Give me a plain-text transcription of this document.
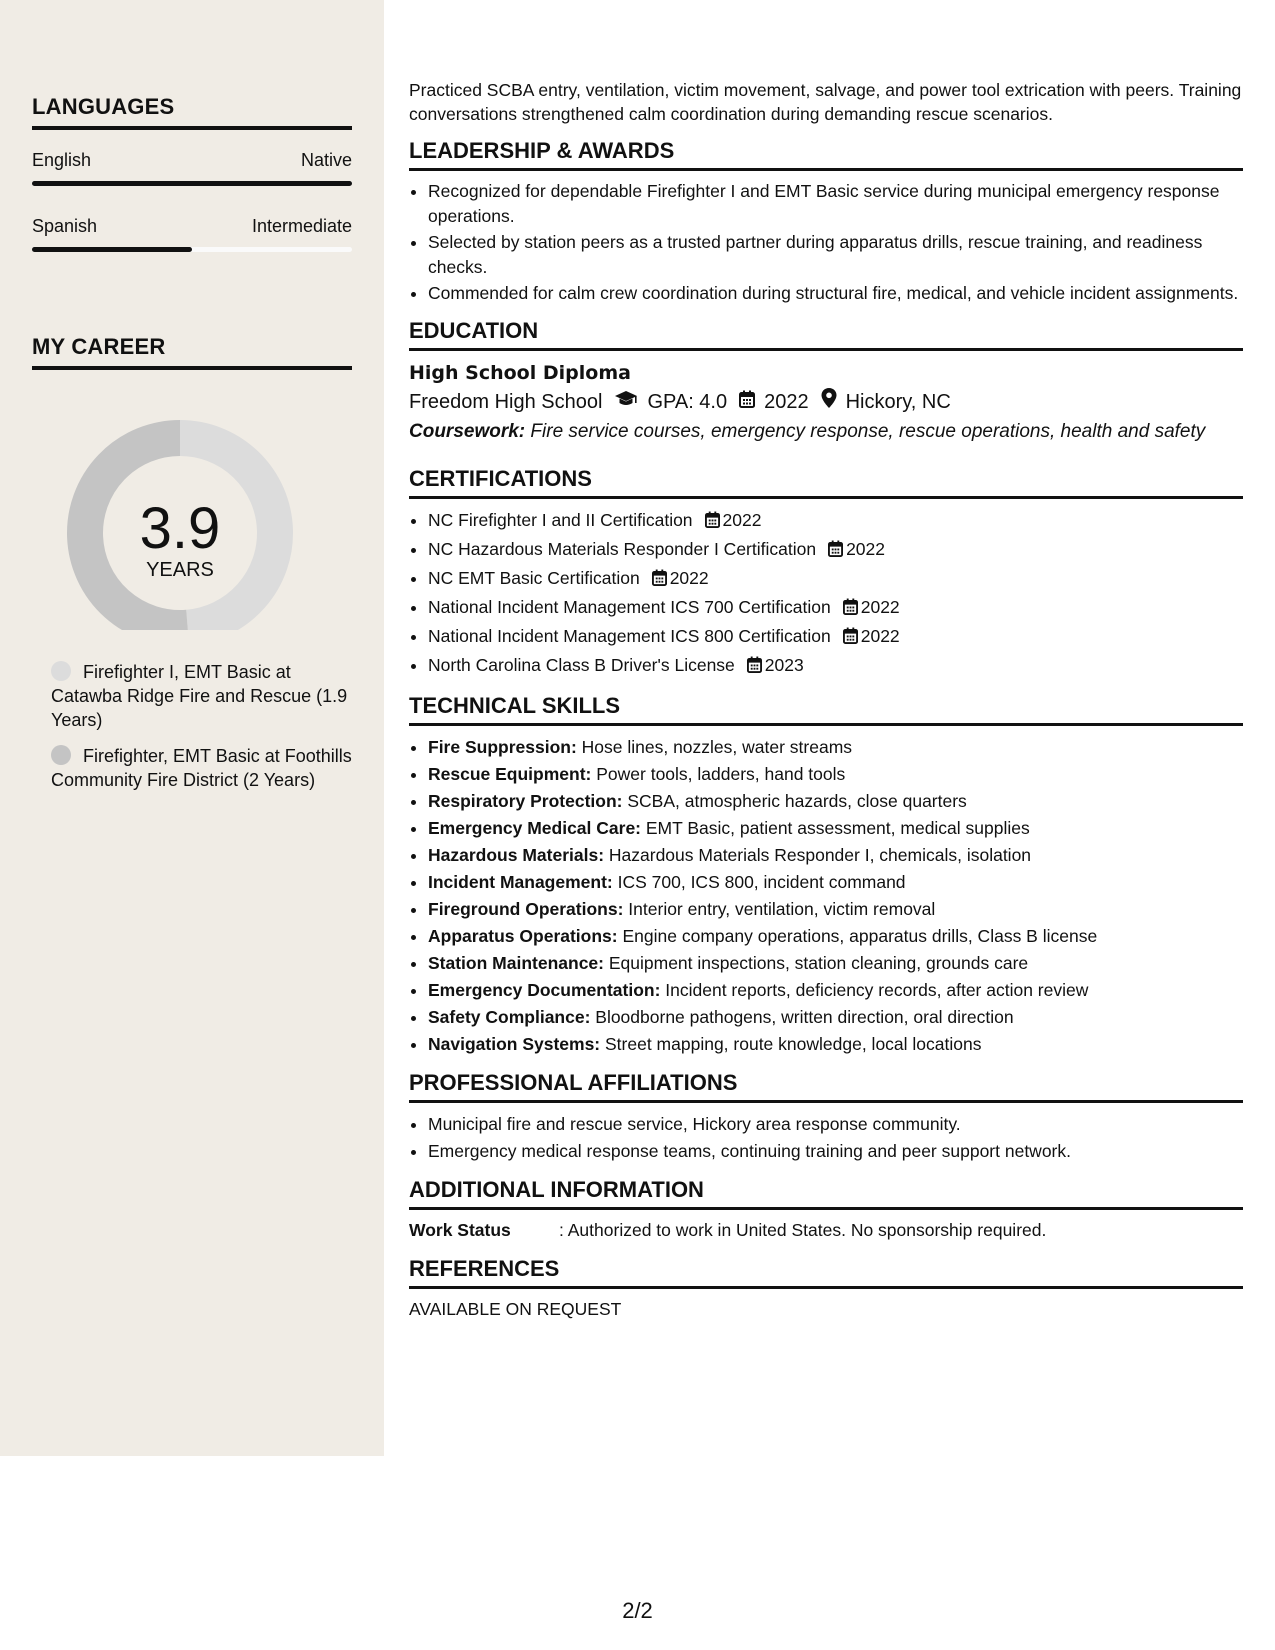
LANGUAGES
English	Native
Spanish	Intermediate
MY CAREER
3.9
YEARS
Firefighter I, EMT Basic at Catawba Ridge Fire and Rescue (1.9 Years)
Firefighter, EMT Basic at Foothills Community Fire District (2 Years)

Practiced SCBA entry, ventilation, victim movement, salvage, and power tool extrication with peers. Training conversations strengthened calm coordination during demanding rescue scenarios.

LEADERSHIP & AWARDS
• Recognized for dependable Firefighter I and EMT Basic service during municipal emergency response operations.
• Selected by station peers as a trusted partner during apparatus drills, rescue training, and readiness checks.
• Commended for calm crew coordination during structural fire, medical, and vehicle incident assignments.
EDUCATION
High School Diploma
Freedom High School GPA: 4.0 2022 Hickory, NC
Coursework: Fire service courses, emergency response, rescue operations, health and safety
CERTIFICATIONS
• NC Firefighter I and II Certification 2022
• NC Hazardous Materials Responder I Certification 2022
• NC EMT Basic Certification 2022
• National Incident Management ICS 700 Certification 2022
• National Incident Management ICS 800 Certification 2022
• North Carolina Class B Driver's License 2023
TECHNICAL SKILLS
• Fire Suppression: Hose lines, nozzles, water streams
• Rescue Equipment: Power tools, ladders, hand tools
• Respiratory Protection: SCBA, atmospheric hazards, close quarters
• Emergency Medical Care: EMT Basic, patient assessment, medical supplies
• Hazardous Materials: Hazardous Materials Responder I, chemicals, isolation
• Incident Management: ICS 700, ICS 800, incident command
• Fireground Operations: Interior entry, ventilation, victim removal
• Apparatus Operations: Engine company operations, apparatus drills, Class B license
• Station Maintenance: Equipment inspections, station cleaning, grounds care
• Emergency Documentation: Incident reports, deficiency records, after action review
• Safety Compliance: Bloodborne pathogens, written direction, oral direction
• Navigation Systems: Street mapping, route knowledge, local locations
PROFESSIONAL AFFILIATIONS
• Municipal fire and rescue service, Hickory area response community.
• Emergency medical response teams, continuing training and peer support network.
ADDITIONAL INFORMATION
Work Status	: Authorized to work in United States. No sponsorship required.
REFERENCES
AVAILABLE ON REQUEST
2/2
